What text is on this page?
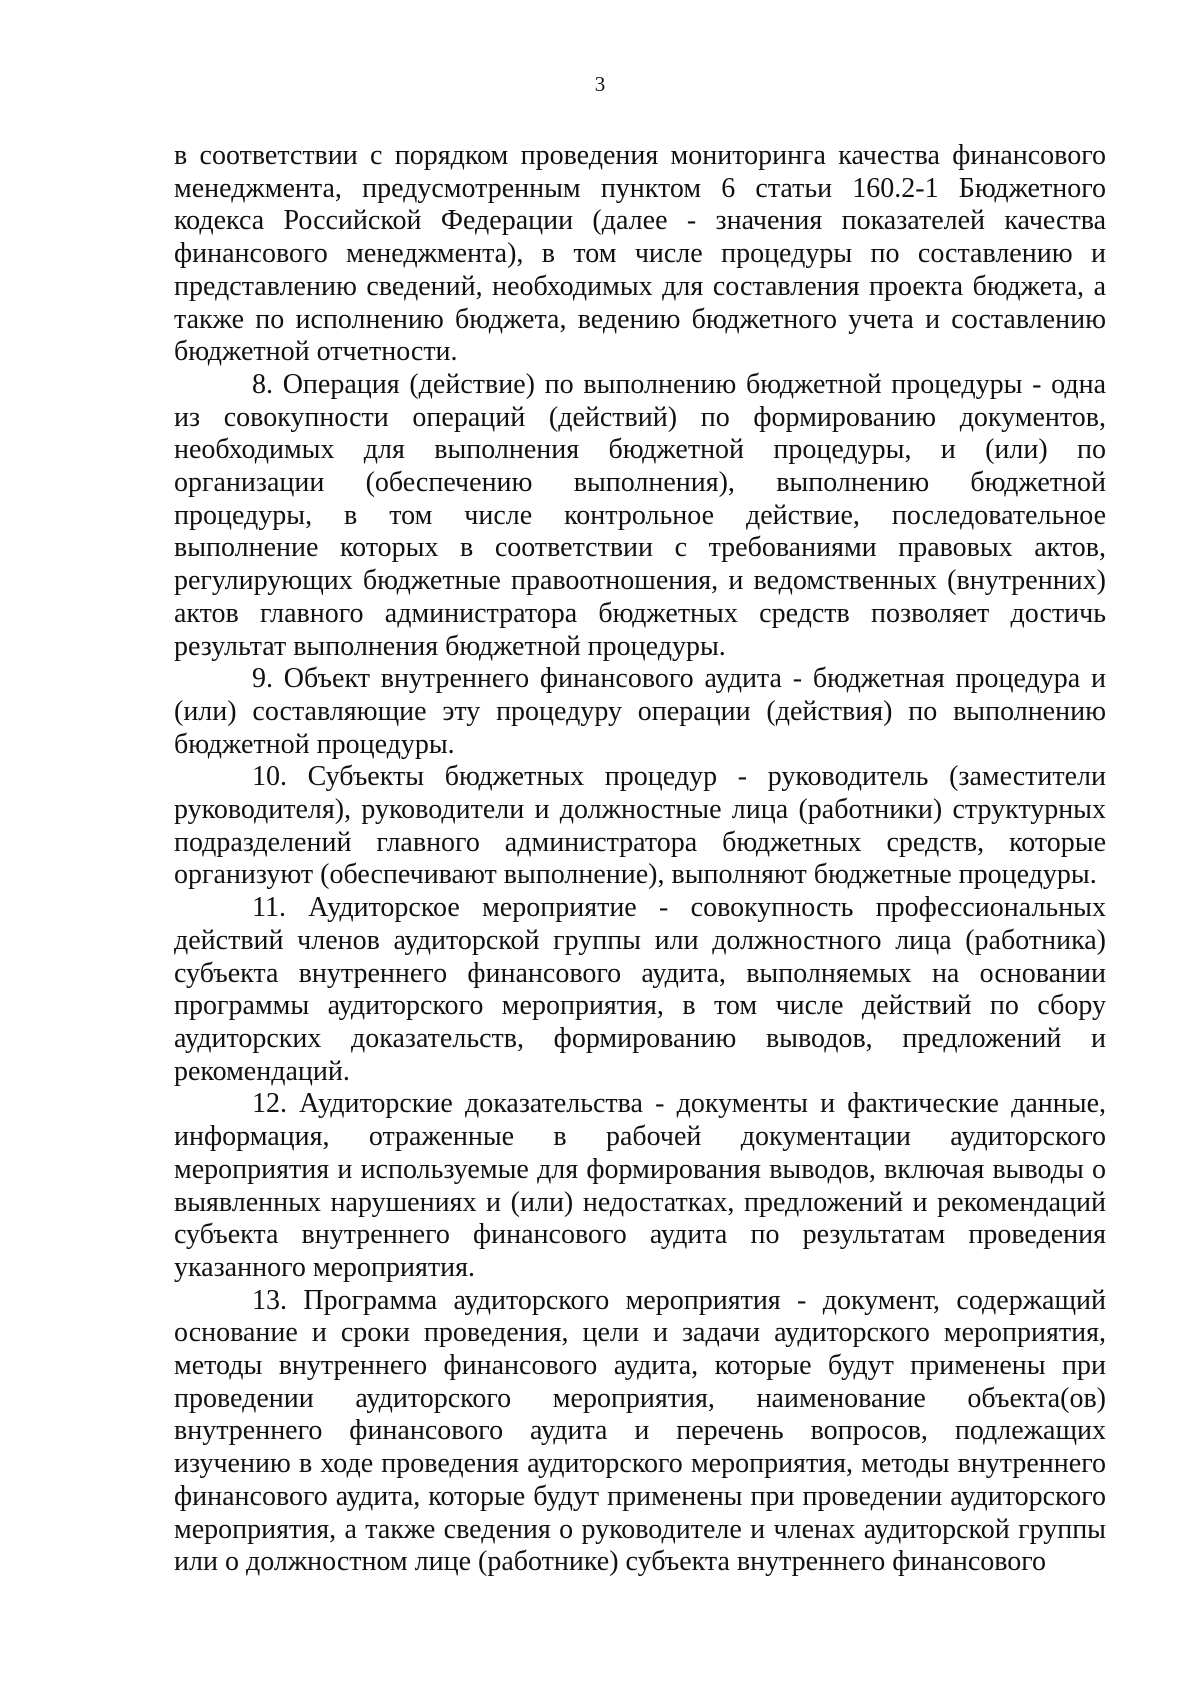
3

в соответствии с порядком проведения мониторинга качества финансового менеджмента, предусмотренным пунктом 6 статьи 160.2-1 Бюджетного кодекса Российской Федерации (далее - значения показателей качества финансового менеджмента), в том числе процедуры по составлению и представлению сведений, необходимых для составления проекта бюджета, а также по исполнению бюджета, ведению бюджетного учета и составлению бюджетной отчетности.

8. Операция (действие) по выполнению бюджетной процедуры - одна из совокупности операций (действий) по формированию документов, необходимых для выполнения бюджетной процедуры, и (или) по организации (обеспечению выполнения), выполнению бюджетной процедуры, в том числе контрольное действие, последовательное выполнение которых в соответствии с требованиями правовых актов, регулирующих бюджетные правоотношения, и ведомственных (внутренних) актов главного администратора бюджетных средств позволяет достичь результат выполнения бюджетной процедуры.

9. Объект внутреннего финансового аудита - бюджетная процедура и (или) составляющие эту процедуру операции (действия) по выполнению бюджетной процедуры.

10. Субъекты бюджетных процедур - руководитель (заместители руководителя), руководители и должностные лица (работники) структурных подразделений главного администратора бюджетных средств, которые организуют (обеспечивают выполнение), выполняют бюджетные процедуры.

11. Аудиторское мероприятие - совокупность профессиональных действий членов аудиторской группы или должностного лица (работника) субъекта внутреннего финансового аудита, выполняемых на основании программы аудиторского мероприятия, в том числе действий по сбору аудиторских доказательств, формированию выводов, предложений и рекомендаций.

12. Аудиторские доказательства - документы и фактические данные, информация, отраженные в рабочей документации аудиторского мероприятия и используемые для формирования выводов, включая выводы о выявленных нарушениях и (или) недостатках, предложений и рекомендаций субъекта внутреннего финансового аудита по результатам проведения указанного мероприятия.

13. Программа аудиторского мероприятия - документ, содержащий основание и сроки проведения, цели и задачи аудиторского мероприятия, методы внутреннего финансового аудита, которые будут применены при проведении аудиторского мероприятия, наименование объекта(ов) внутреннего финансового аудита и перечень вопросов, подлежащих изучению в ходе проведения аудиторского мероприятия, методы внутреннего финансового аудита, которые будут применены при проведении аудиторского мероприятия, а также сведения о руководителе и членах аудиторской группы или о должностном лице (работнике) субъекта внутреннего финансового
